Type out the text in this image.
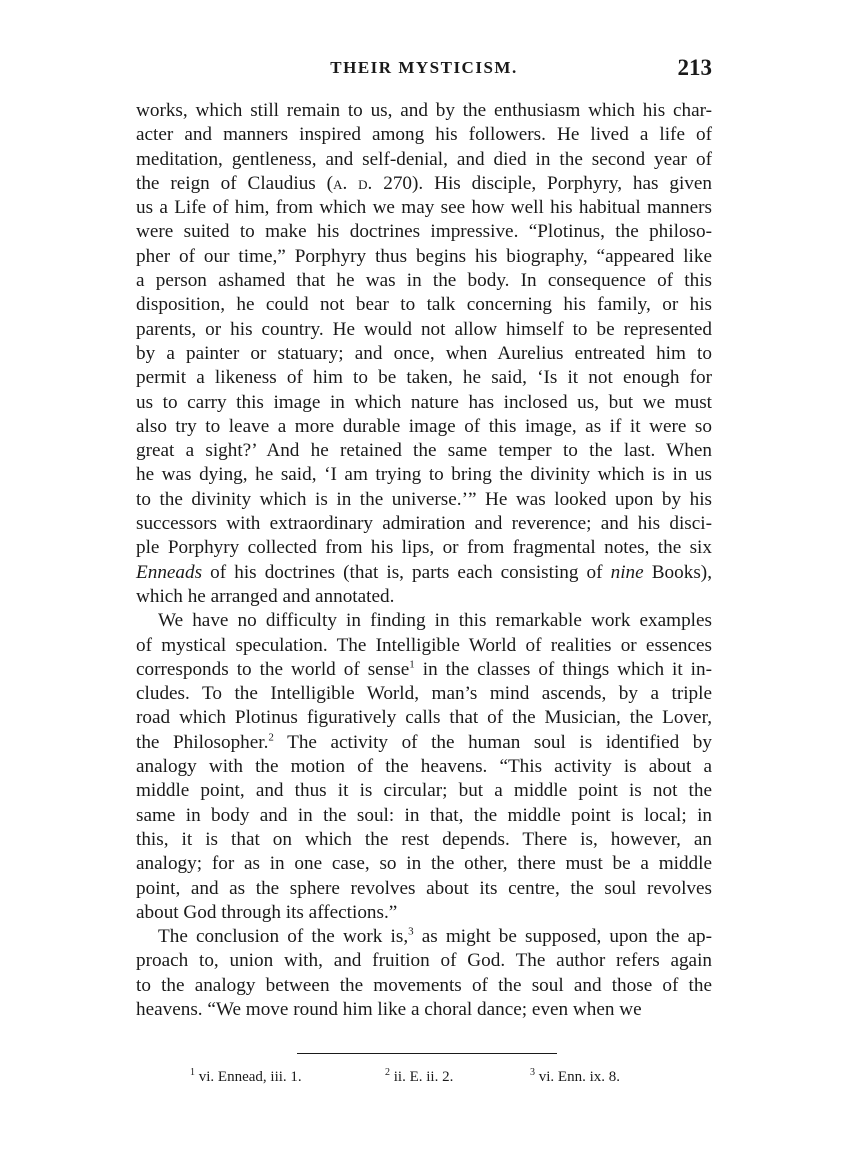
THEIR MYSTICISM.	213
works, which still remain to us, and by the enthusiasm which his char-
acter and manners inspired among his followers. He lived a life of
meditation, gentleness, and self-denial, and died in the second year of
the reign of Claudius (a. d. 270). His disciple, Porphyry, has given
us a Life of him, from which we may see how well his habitual manners
were suited to make his doctrines impressive. “Plotinus, the philoso-
pher of our time,” Porphyry thus begins his biography, “appeared like
a person ashamed that he was in the body. In consequence of this
disposition, he could not bear to talk concerning his family, or his
parents, or his country. He would not allow himself to be represented
by a painter or statuary; and once, when Aurelius entreated him to
permit a likeness of him to be taken, he said, ‘Is it not enough for
us to carry this image in which nature has inclosed us, but we must
also try to leave a more durable image of this image, as if it were so
great a sight?’ And he retained the same temper to the last. When
he was dying, he said, ‘I am trying to bring the divinity which is in us
to the divinity which is in the universe.’” He was looked upon by his
successors with extraordinary admiration and reverence; and his disci-
ple Porphyry collected from his lips, or from fragmental notes, the six
Enneads of his doctrines (that is, parts each consisting of nine Books),
which he arranged and annotated.
We have no difficulty in finding in this remarkable work examples
of mystical speculation. The Intelligible World of realities or essences
corresponds to the world of sense$^1$ in the classes of things which it in-
cludes. To the Intelligible World, man’s mind ascends, by a triple
road which Plotinus figuratively calls that of the Musician, the Lover,
the Philosopher.$^2$ The activity of the human soul is identified by
analogy with the motion of the heavens. “This activity is about a
middle point, and thus it is circular; but a middle point is not the
same in body and in the soul: in that, the middle point is local; in
this, it is that on which the rest depends. There is, however, an
analogy; for as in one case, so in the other, there must be a middle
point, and as the sphere revolves about its centre, the soul revolves
about God through its affections.”
The conclusion of the work is,$^3$ as might be supposed, upon the ap-
proach to, union with, and fruition of God. The author refers again
to the analogy between the movements of the soul and those of the
heavens. “We move round him like a choral dance; even when we
$^1$ vi. Ennead, iii. 1.	$^2$ ii. E. ii. 2.	$^3$ vi. Enn. ix. 8.
